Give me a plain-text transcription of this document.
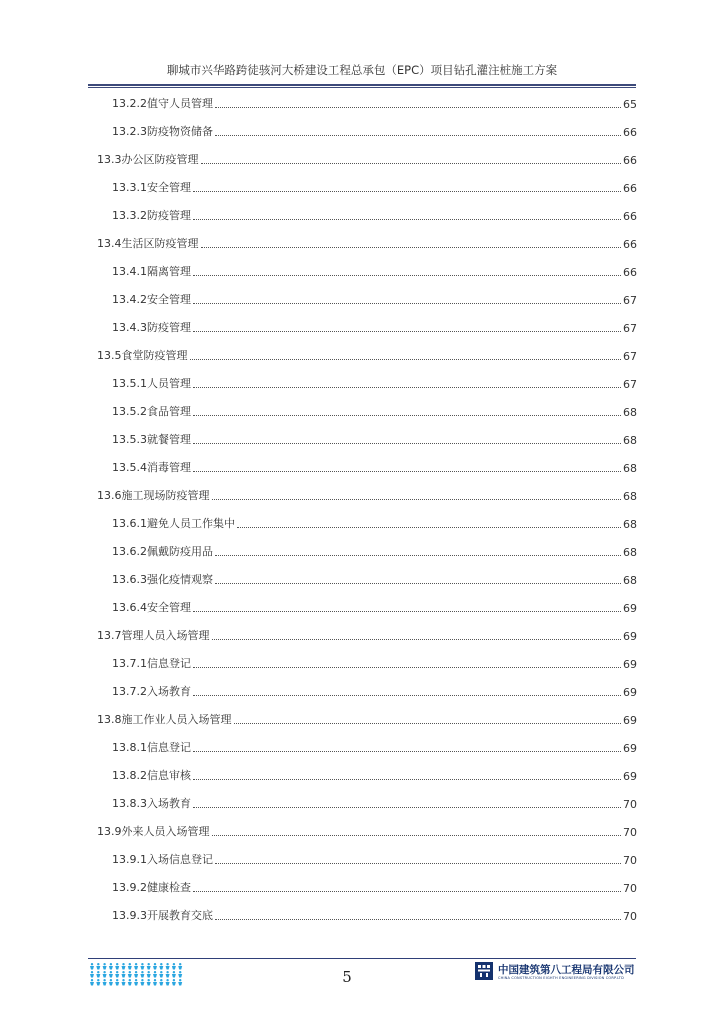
聊城市兴华路跨徒骇河大桥建设工程总承包（EPC）项目钻孔灌注桩施工方案
13.2.2值守人员管理	65
13.2.3防疫物资储备	66
13.3办公区防疫管理	66
13.3.1安全管理	66
13.3.2防疫管理	66
13.4生活区防疫管理	66
13.4.1隔离管理	66
13.4.2安全管理	67
13.4.3防疫管理	67
13.5食堂防疫管理	67
13.5.1人员管理	67
13.5.2食品管理	68
13.5.3就餐管理	68
13.5.4消毒管理	68
13.6施工现场防疫管理	68
13.6.1避免人员工作集中	68
13.6.2佩戴防疫用品	68
13.6.3强化疫情观察	68
13.6.4安全管理	69
13.7管理人员入场管理	69
13.7.1信息登记	69
13.7.2入场教育	69
13.8施工作业人员入场管理	69
13.8.1信息登记	69
13.8.2信息审核	69
13.8.3入场教育	70
13.9外来人员入场管理	70
13.9.1入场信息登记	70
13.9.2健康检查	70
13.9.3开展教育交底	70
5	中国建筑第八工程局有限公司
CHINA CONSTRUCTION EIGHTH ENGINEERING DIVISION CORP.LTD
